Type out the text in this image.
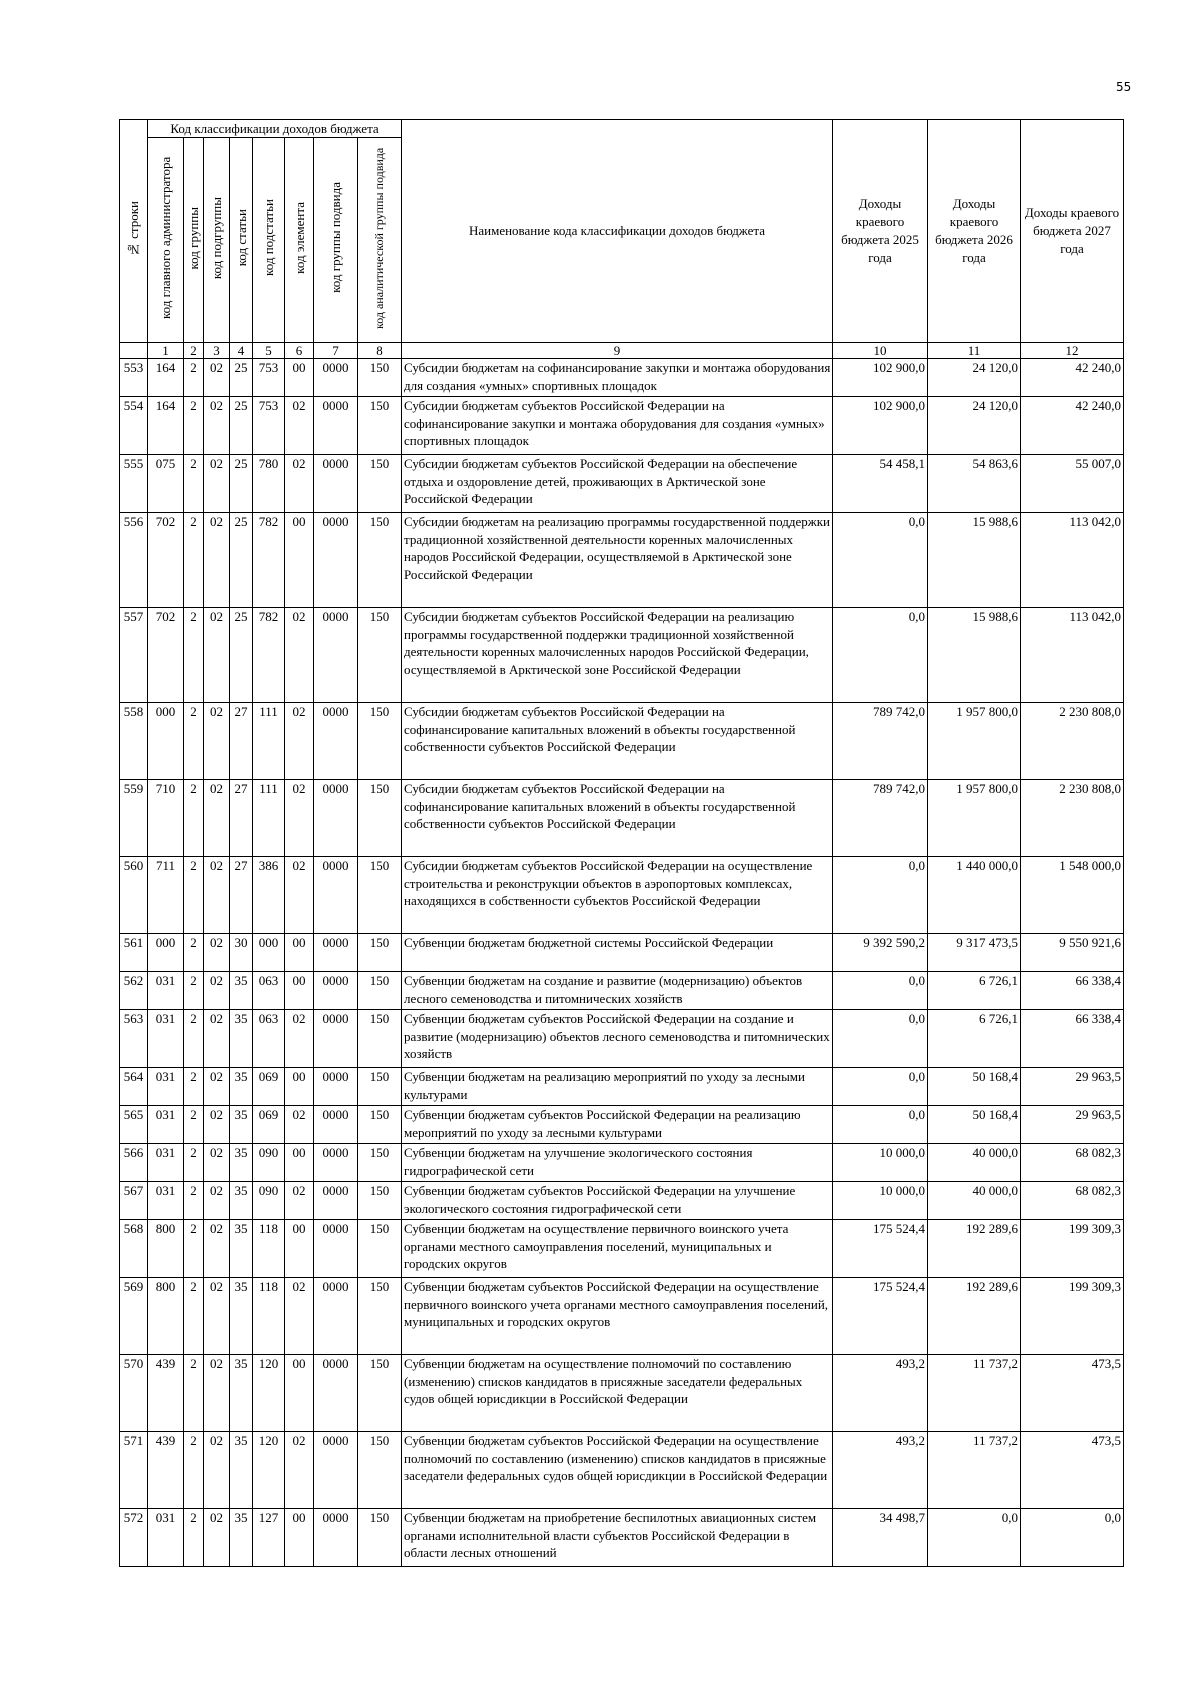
55
№ строки	Код классификации доходов бюджета								Наименование кода классификации доходов бюджета	Доходы краевого бюджета 2025 года	Доходы краевого бюджета 2026 года	Доходы краевого бюджета 2027 года
	код главного администратора	код группы	код подгруппы	код статьи	код подстатьи	код элемента	код группы подвида	код аналитической группы подвида				
	1	2	3	4	5	6	7	8	9	10	11	12
553	164	2	02	25	753	00	0000	150	Субсидии бюджетам на софинансирование закупки и монтажа оборудования для создания «умных» спортивных площадок	102 900,0	24 120,0	42 240,0
554	164	2	02	25	753	02	0000	150	Субсидии бюджетам субъектов Российской Федерации на софинансирование закупки и монтажа оборудования для создания «умных» спортивных площадок	102 900,0	24 120,0	42 240,0
555	075	2	02	25	780	02	0000	150	Субсидии бюджетам субъектов Российской Федерации на обеспечение отдыха и оздоровление детей, проживающих в Арктической зоне Российской Федерации	54 458,1	54 863,6	55 007,0
556	702	2	02	25	782	00	0000	150	Субсидии бюджетам на реализацию программы государственной поддержки традиционной хозяйственной деятельности коренных малочисленных народов Российской Федерации, осуществляемой в Арктической зоне Российской Федерации	0,0	15 988,6	113 042,0
557	702	2	02	25	782	02	0000	150	Субсидии бюджетам субъектов Российской Федерации на реализацию программы государственной поддержки традиционной хозяйственной деятельности коренных малочисленных народов Российской Федерации, осуществляемой в Арктической зоне Российской Федерации	0,0	15 988,6	113 042,0
558	000	2	02	27	111	02	0000	150	Субсидии бюджетам субъектов Российской Федерации на софинансирование капитальных вложений в объекты государственной собственности субъектов Российской Федерации	789 742,0	1 957 800,0	2 230 808,0
559	710	2	02	27	111	02	0000	150	Субсидии бюджетам субъектов Российской Федерации на софинансирование капитальных вложений в объекты государственной собственности субъектов Российской Федерации	789 742,0	1 957 800,0	2 230 808,0
560	711	2	02	27	386	02	0000	150	Субсидии бюджетам субъектов Российской Федерации на осуществление строительства и реконструкции объектов в аэропортовых комплексах, находящихся в собственности субъектов Российской Федерации	0,0	1 440 000,0	1 548 000,0
561	000	2	02	30	000	00	0000	150	Субвенции бюджетам бюджетной системы Российской Федерации	9 392 590,2	9 317 473,5	9 550 921,6
562	031	2	02	35	063	00	0000	150	Субвенции бюджетам на создание и развитие (модернизацию) объектов лесного семеноводства и питомнических хозяйств	0,0	6 726,1	66 338,4
563	031	2	02	35	063	02	0000	150	Субвенции бюджетам субъектов Российской Федерации на создание и развитие (модернизацию) объектов лесного семеноводства и питомнических хозяйств	0,0	6 726,1	66 338,4
564	031	2	02	35	069	00	0000	150	Субвенции бюджетам на реализацию мероприятий по уходу за лесными культурами	0,0	50 168,4	29 963,5
565	031	2	02	35	069	02	0000	150	Субвенции бюджетам субъектов Российской Федерации на реализацию мероприятий по уходу за лесными культурами	0,0	50 168,4	29 963,5
566	031	2	02	35	090	00	0000	150	Субвенции бюджетам на улучшение экологического состояния гидрографической сети	10 000,0	40 000,0	68 082,3
567	031	2	02	35	090	02	0000	150	Субвенции бюджетам субъектов Российской Федерации на улучшение экологического состояния гидрографической сети	10 000,0	40 000,0	68 082,3
568	800	2	02	35	118	00	0000	150	Субвенции бюджетам на осуществление первичного воинского учета органами местного самоуправления поселений, муниципальных и городских округов	175 524,4	192 289,6	199 309,3
569	800	2	02	35	118	02	0000	150	Субвенции бюджетам субъектов Российской Федерации на осуществление первичного воинского учета органами местного самоуправления поселений, муниципальных и городских округов	175 524,4	192 289,6	199 309,3
570	439	2	02	35	120	00	0000	150	Субвенции бюджетам на осуществление полномочий по составлению (изменению) списков кандидатов в присяжные заседатели федеральных судов общей юрисдикции в Российской Федерации	493,2	11 737,2	473,5
571	439	2	02	35	120	02	0000	150	Субвенции бюджетам субъектов Российской Федерации на осуществление полномочий по составлению (изменению) списков кандидатов в присяжные заседатели федеральных судов общей юрисдикции в Российской Федерации	493,2	11 737,2	473,5
572	031	2	02	35	127	00	0000	150	Субвенции бюджетам на приобретение беспилотных авиационных систем органами исполнительной власти субъектов Российской Федерации в области лесных отношений	34 498,7	0,0	0,0
